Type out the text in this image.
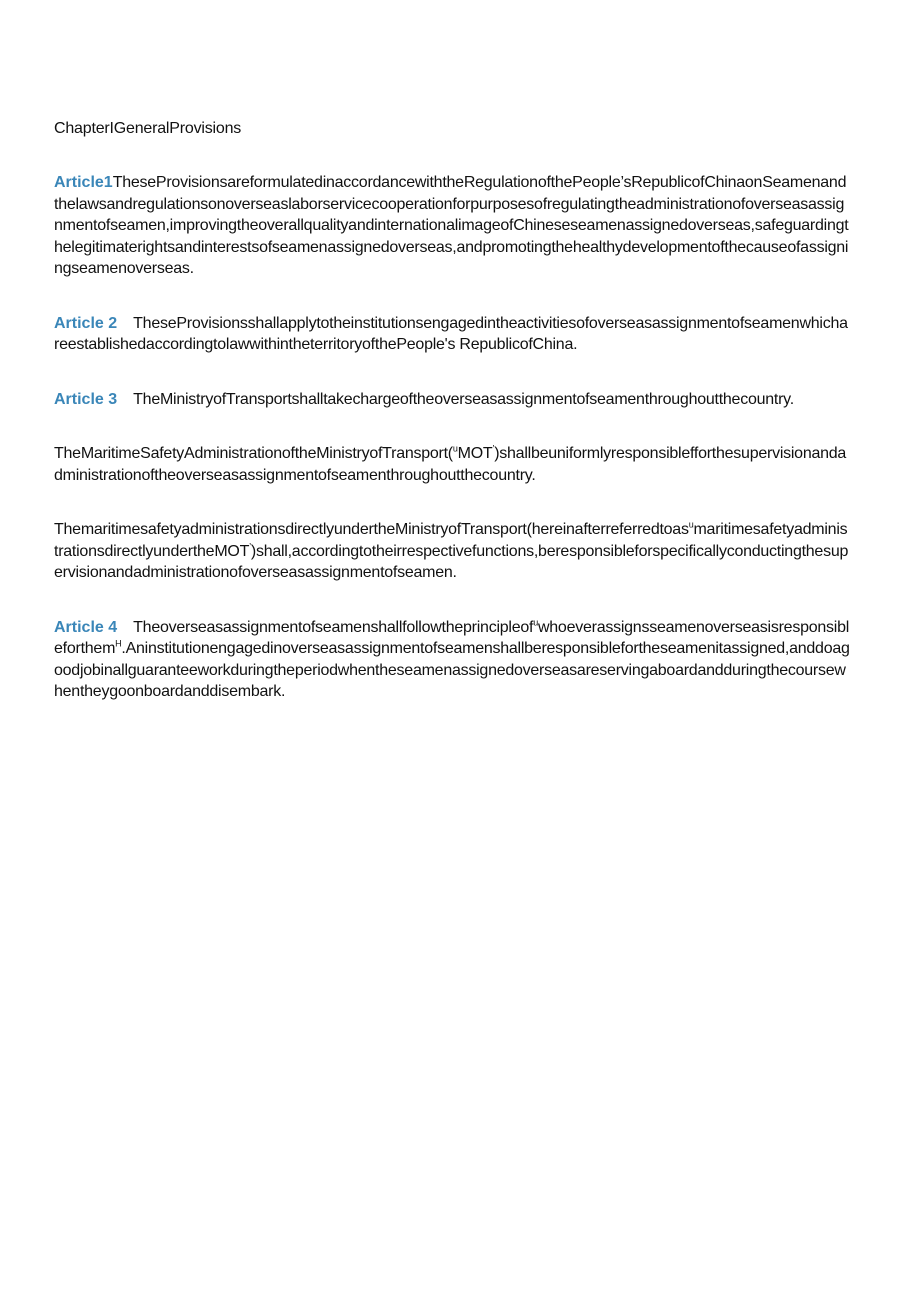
ChapterIGeneralProvisions

Article1TheseProvisionsareformulatedinaccordancewiththeRegulationofthePeople’sRepublicofChinaonSeamenandthelawsandregulationsonoverseaslaborservicecooperationforpurposesofregulatingtheadministrationofoverseasassignmentofseamen,improvingtheoverallqualityandinternationalimageofChineseseamenassignedoverseas,safeguardingthelegitimaterightsandinterestsofseamenassignedoverseas,andpromotingthehealthydevelopmentofthecauseofassigningseamenoverseas.

Article 2 TheseProvisionsshallapplytotheinstitutionsengagedintheactivitiesofoverseasassignmentofseamenwhichareestablishedaccordingtolawwithintheterritoryofthePeople's RepublicofChina.

Article 3 TheMinistryofTransportshalltakechargeoftheoverseasassignmentofseamenthroughoutthecountry.

TheMaritimeSafetyAdministrationoftheMinistryofTransport($^u$MOT’)shallbeuniformlyresponsiblefforthesupervisionandadministrationoftheoverseasassignmentofseamenthroughoutthecountry.

ThemaritimesafetyadministrationsdirectlyundertheMinistryofTransport(hereinafterreferredtoas$^u$maritimesafetyadministrationsdirectlyundertheMOT’)shall,accordingtotheirrespectivefunctions,beresponsibleforspecificallyconductingthesupervisionandadministrationofoverseasassignmentofseamen.

Article 4 Theoverseasassignmentofseamenshallfollowtheprincipleof$^u$whoeverassignsseamenoverseasisresponsibleforthem$^H$.Aninstitutionengagedinoverseasassignmentofseamenshallberesponsiblefortheseamenitassigned,anddoagoodjobinallguaranteeworkduringtheperiodwhentheseamenassignedoverseasareservingaboardandduringthecoursewhentheygoonboardanddisembark.
